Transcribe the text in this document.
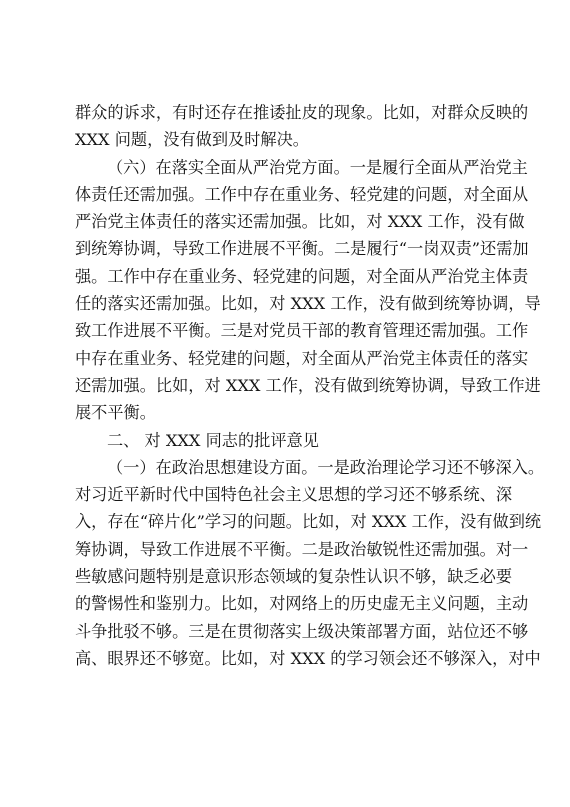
群众的诉求，有时还存在推诿扯皮的现象。比如，对群众反映的
XXX 问题，没有做到及时解决。
（六）在落实全面从严治党方面。一是履行全面从严治党主
体责任还需加强。工作中存在重业务、轻党建的问题，对全面从
严治党主体责任的落实还需加强。比如，对 XXX 工作，没有做
到统筹协调，导致工作进展不平衡。二是履行“一岗双责”还需加
强。工作中存在重业务、轻党建的问题，对全面从严治党主体责
任的落实还需加强。比如，对 XXX 工作，没有做到统筹协调，导
致工作进展不平衡。三是对党员干部的教育管理还需加强。工作
中存在重业务、轻党建的问题，对全面从严治党主体责任的落实
还需加强。比如，对 XXX 工作，没有做到统筹协调，导致工作进
展不平衡。
二、 对 XXX 同志的批评意见
（一）在政治思想建设方面。一是政治理论学习还不够深入。
对习近平新时代中国特色社会主义思想的学习还不够系统、深
入，存在“碎片化”学习的问题。比如，对 XXX 工作，没有做到统
筹协调，导致工作进展不平衡。二是政治敏锐性还需加强。对一
些敏感问题特别是意识形态领域的复杂性认识不够，缺乏必要
的警惕性和鉴别力。比如，对网络上的历史虚无主义问题，主动
斗争批驳不够。三是在贯彻落实上级决策部署方面，站位还不够
高、眼界还不够宽。比如，对 XXX 的学习领会还不够深入，对中
